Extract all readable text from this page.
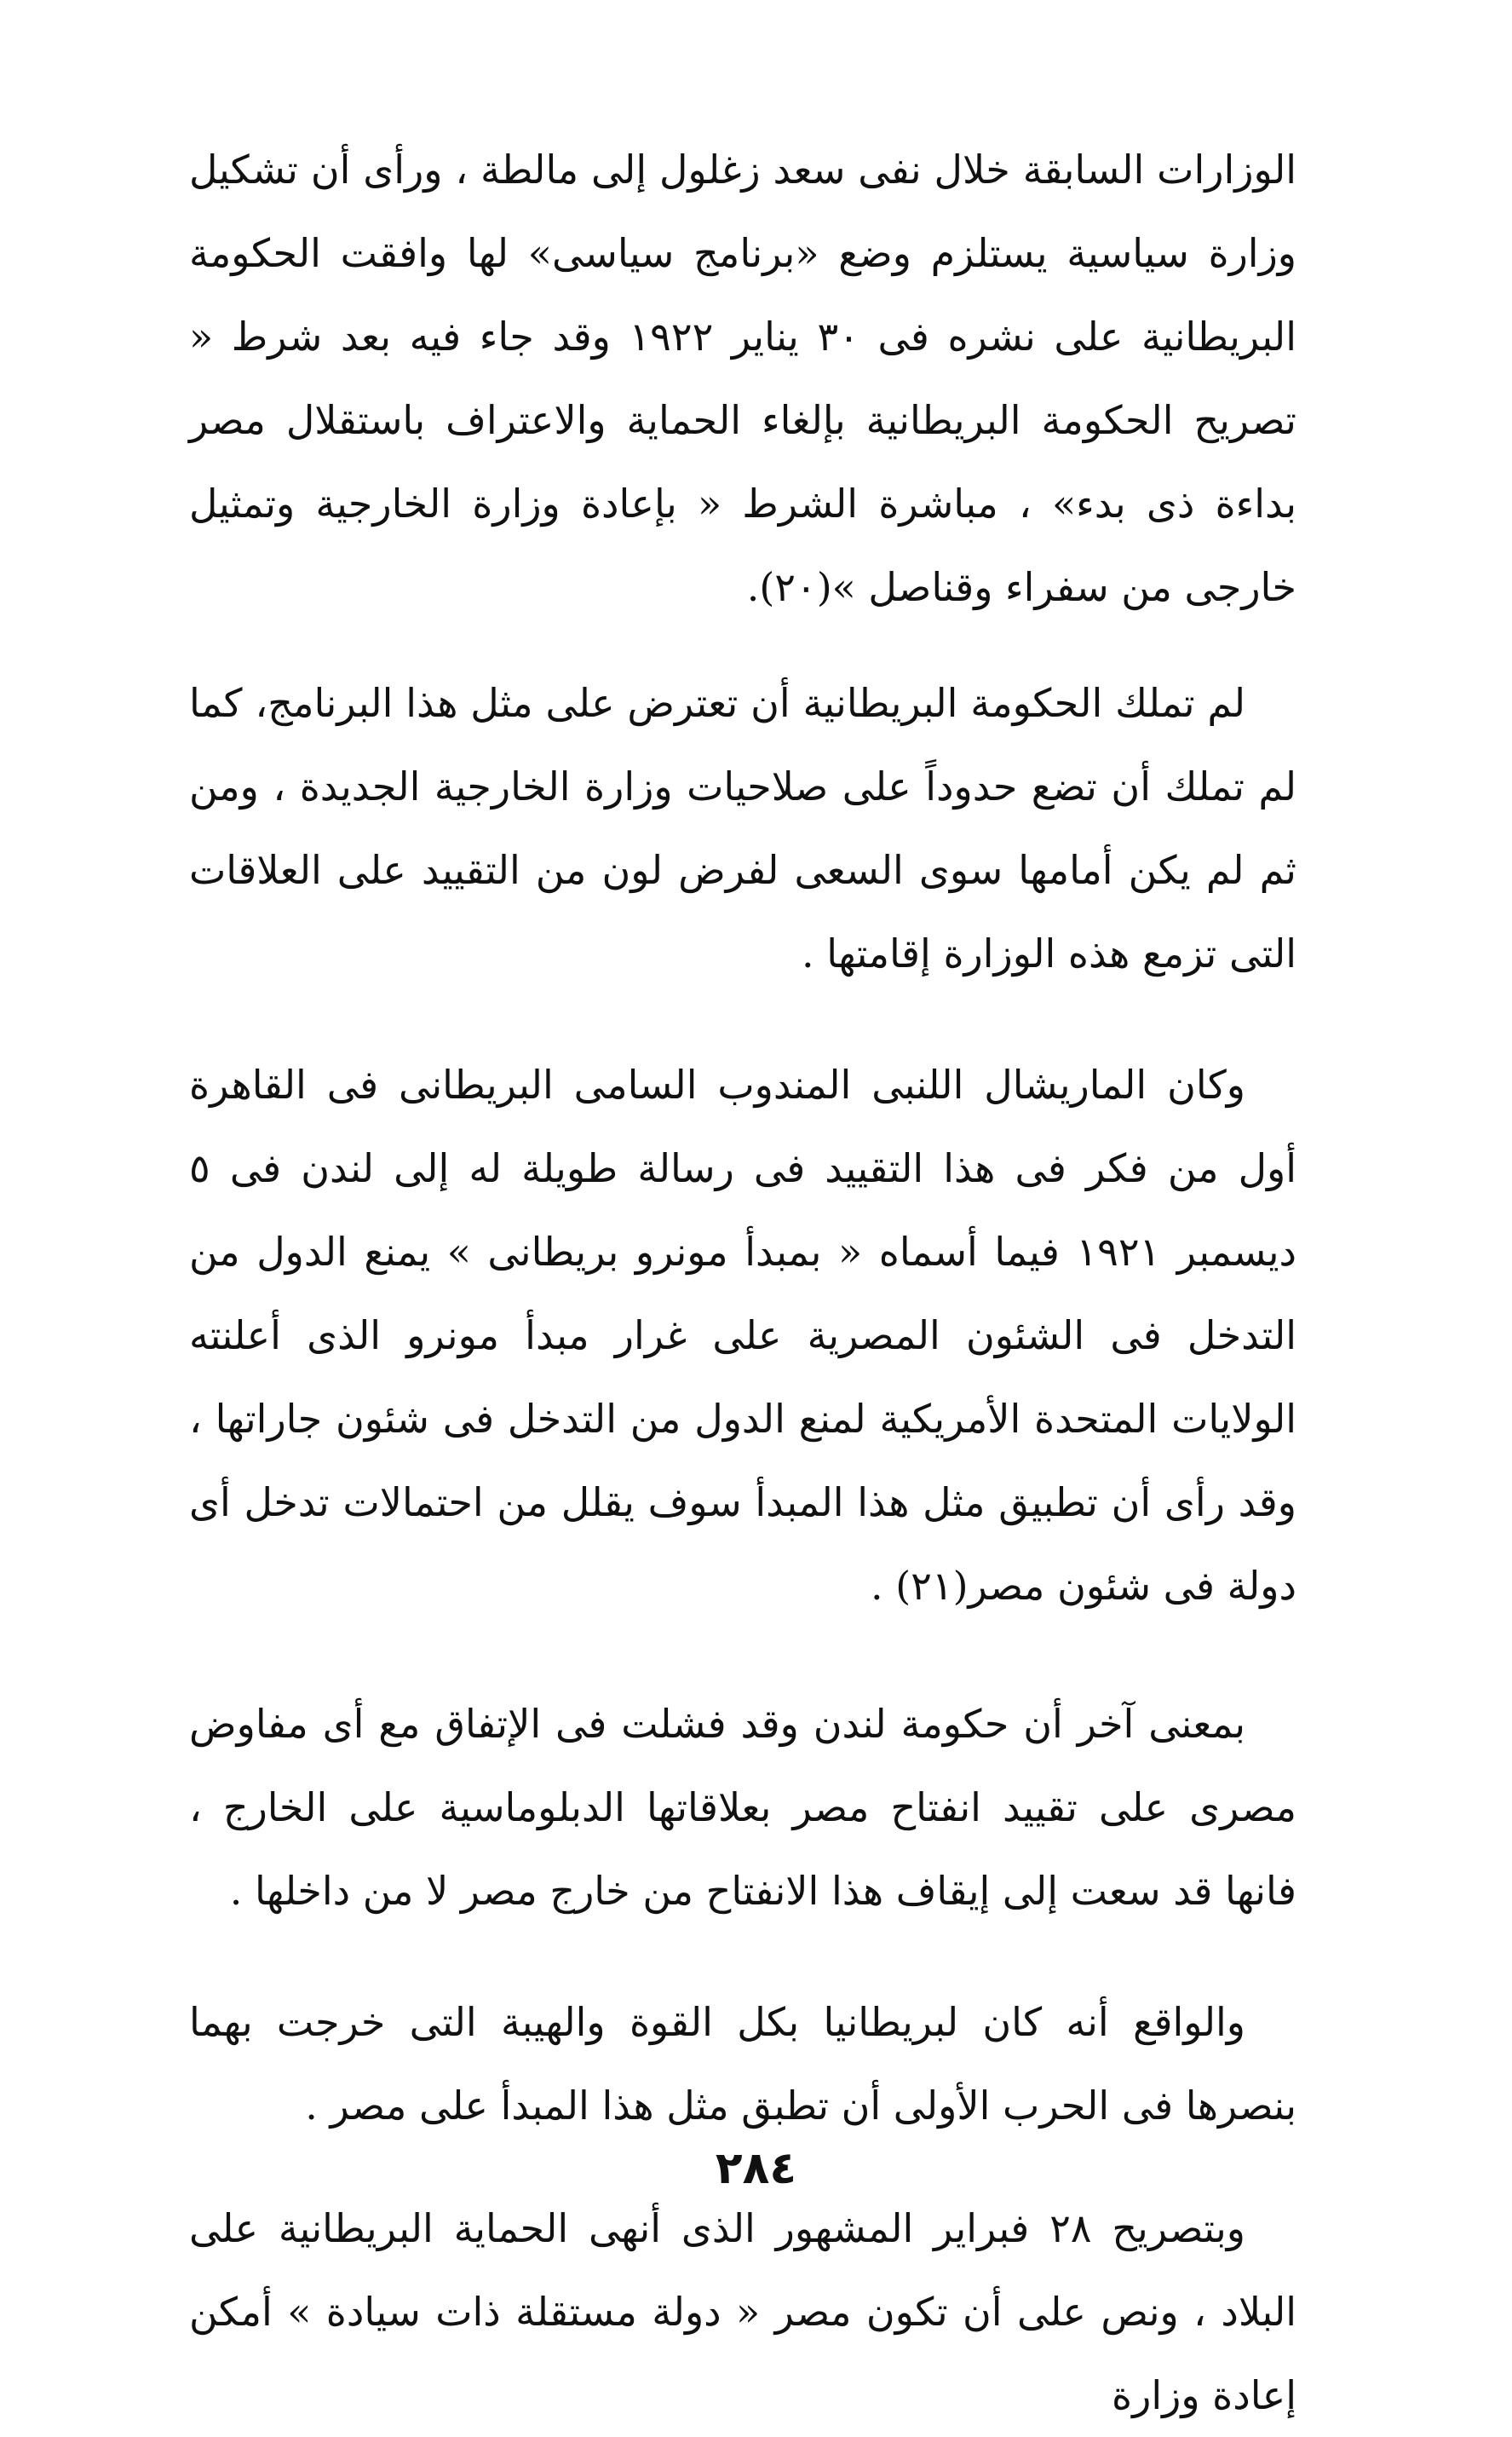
الوزارات السابقة خلال نفى سعد زغلول إلى مالطة ، ورأى أن تشكيل وزارة سياسية يستلزم وضع «برنامج سياسى» لها وافقت الحكومة البريطانية على نشره فى ٣٠ يناير ١٩٢٢ وقد جاء فيه بعد شرط « تصريح الحكومة البريطانية بإلغاء الحماية والاعتراف باستقلال مصر بداءة ذى بدء» ، مباشرة الشرط « بإعادة وزارة الخارجية وتمثيل خارجى من سفراء وقناصل »(٢٠).

لم تملك الحكومة البريطانية أن تعترض على مثل هذا البرنامج، كما لم تملك أن تضع حدوداً على صلاحيات وزارة الخارجية الجديدة ، ومن ثم لم يكن أمامها سوى السعى لفرض لون من التقييد على العلاقات التى تزمع هذه الوزارة إقامتها .

وكان الماريشال اللنبى المندوب السامى البريطانى فى القاهرة أول من فكر فى هذا التقييد فى رسالة طويلة له إلى لندن فى ٥ ديسمبر ١٩٢١ فيما أسماه « بمبدأ مونرو بريطانى » يمنع الدول من التدخل فى الشئون المصرية على غرار مبدأ مونرو الذى أعلنته الولايات المتحدة الأمريكية لمنع الدول من التدخل فى شئون جاراتها ، وقد رأى أن تطبيق مثل هذا المبدأ سوف يقلل من احتمالات تدخل أى دولة فى شئون مصر(٢١) .

بمعنى آخر أن حكومة لندن وقد فشلت فى الإتفاق مع أى مفاوض مصرى على تقييد انفتاح مصر بعلاقاتها الدبلوماسية على الخارج ، فانها قد سعت إلى إيقاف هذا الانفتاح من خارج مصر لا من داخلها .

والواقع أنه كان لبريطانيا بكل القوة والهيبة التى خرجت بهما بنصرها فى الحرب الأولى أن تطبق مثل هذا المبدأ على مصر .

وبتصريح ٢٨ فبراير المشهور الذى أنهى الحماية البريطانية على البلاد ، ونص على أن تكون مصر « دولة مستقلة ذات سيادة » أمكن إعادة وزارة

٢٨٤
